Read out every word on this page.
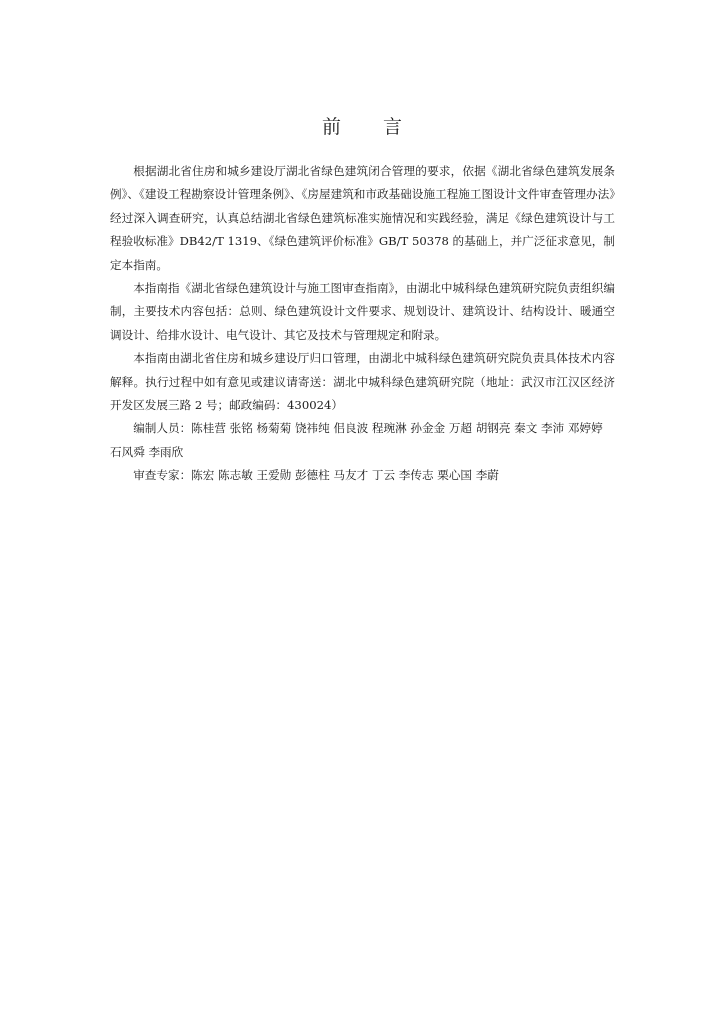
前 言

根据湖北省住房和城乡建设厅湖北省绿色建筑闭合管理的要求，依据《湖北省绿色建筑发展条例》、《建设工程勘察设计管理条例》、《房屋建筑和市政基础设施工程施工图设计文件审查管理办法》经过深入调查研究，认真总结湖北省绿色建筑标准实施情况和实践经验，满足《绿色建筑设计与工程验收标准》DB42/T 1319、《绿色建筑评价标准》GB/T 50378 的基础上，并广泛征求意见，制定本指南。

本指南指《湖北省绿色建筑设计与施工图审查指南》，由湖北中城科绿色建筑研究院负责组织编制，主要技术内容包括：总则、绿色建筑设计文件要求、规划设计、建筑设计、结构设计、暖通空调设计、给排水设计、电气设计、其它及技术与管理规定和附录。

本指南由湖北省住房和城乡建设厅归口管理，由湖北中城科绿色建筑研究院负责具体技术内容解释。执行过程中如有意见或建议请寄送：湖北中城科绿色建筑研究院（地址：武汉市江汉区经济开发区发展三路 2 号；邮政编码：430024）

编制人员：陈桂营 张铭 杨菊菊 饶祎纯 佀良波 程琬淋 孙金金 万超 胡钢亮 秦文 李沛 邓婷婷 石风舜 李雨欣

审查专家：陈宏 陈志敏 王爱勋 彭德柱 马友才 丁云 李传志 栗心国 李蔚
